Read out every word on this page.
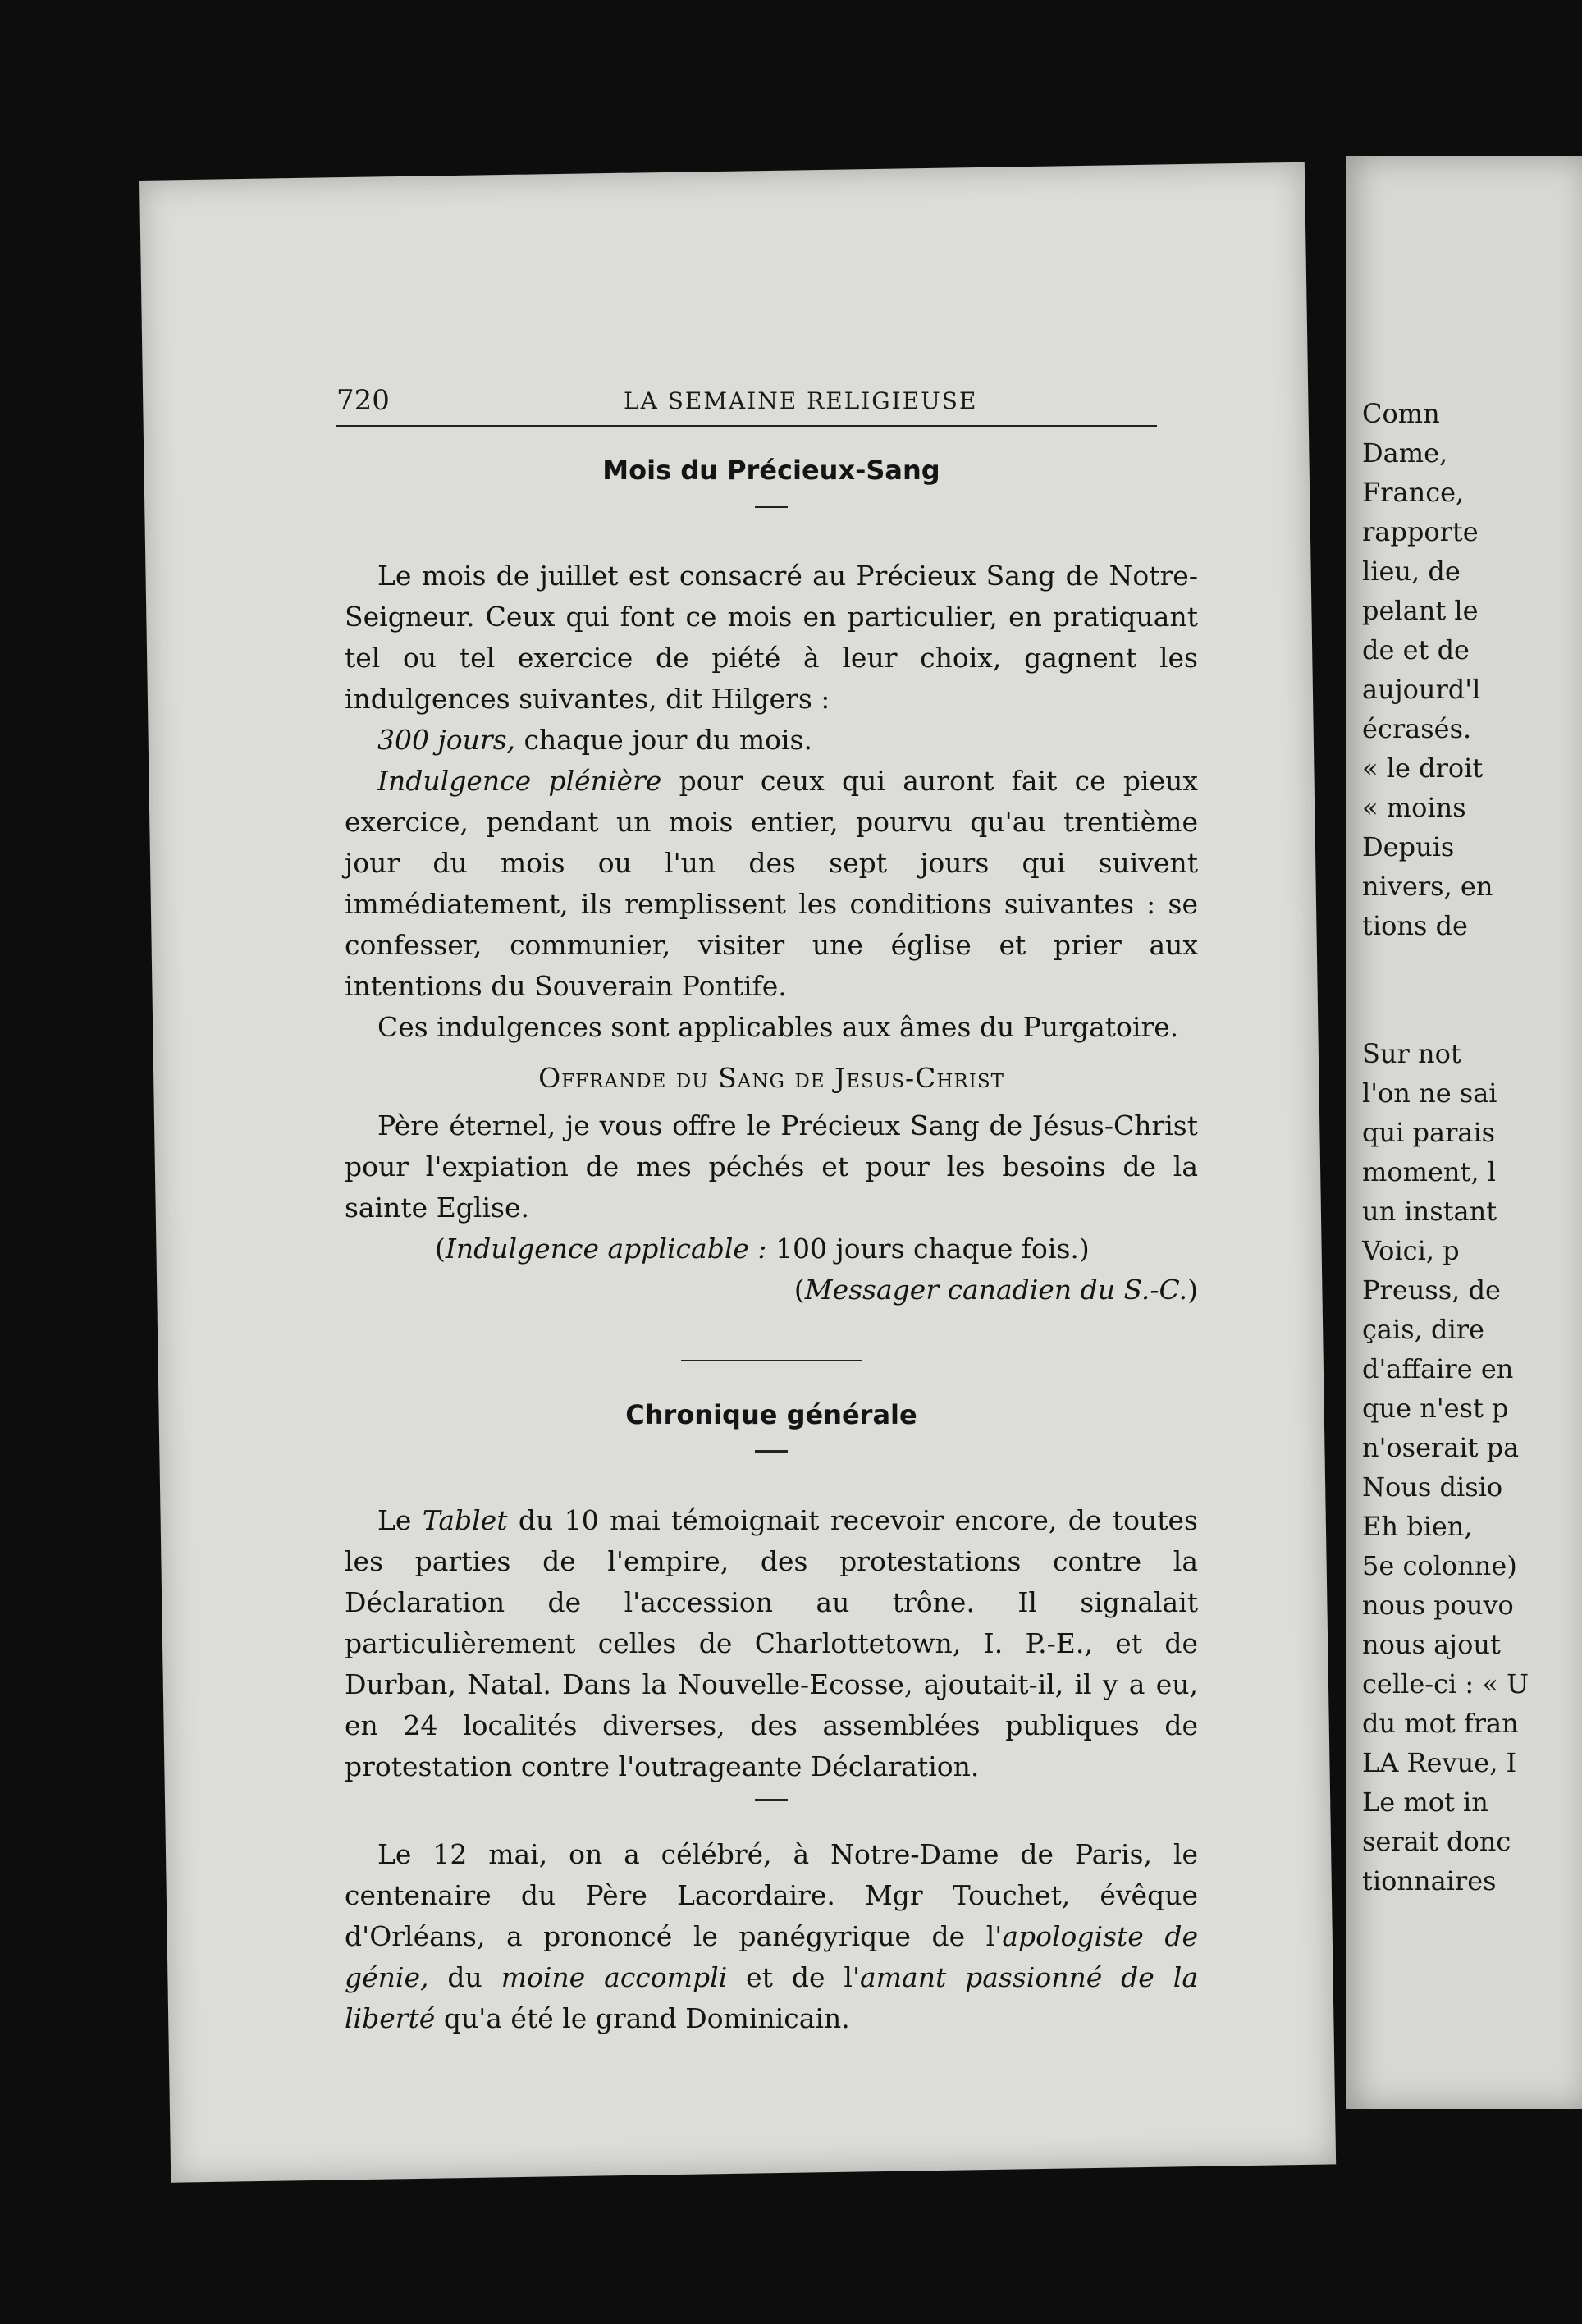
Comn
Dame,
France,
rapporte
lieu, de
pelant le
de et de
aujourd'l
écrasés.
« le droit
« moins
Depuis
nivers, en
tions de
Sur not
l'on ne sai
qui parais
moment, l
un instant
Voici, p
Preuss, de
çais, dire
d'affaire en
que n'est p
n'oserait pa
Nous disio
Eh bien,
5e colonne)
nous pouvo
nous ajout
celle-ci : « U
du mot fran
LA Revue, I
Le mot in
serait donc
tionnaires
720	LA SEMAINE RELIGIEUSE
Mois du Précieux-Sang

Le mois de juillet est consacré au Précieux Sang de Notre-Seigneur. Ceux qui font ce mois en particulier, en pratiquant tel ou tel exercice de piété à leur choix, gagnent les indulgences suivantes, dit Hilgers :

300 jours, chaque jour du mois.

Indulgence plénière pour ceux qui auront fait ce pieux exercice, pendant un mois entier, pourvu qu'au trentième jour du mois ou l'un des sept jours qui suivent immédiatement, ils remplissent les conditions suivantes : se confesser, communier, visiter une église et prier aux intentions du Souverain Pontife.

Ces indulgences sont applicables aux âmes du Purgatoire.

Offrande du Sang de Jesus-Christ

Père éternel, je vous offre le Précieux Sang de Jésus-Christ pour l'expiation de mes péchés et pour les besoins de la sainte Eglise.

(Indulgence applicable : 100 jours chaque fois.)

(Messager canadien du S.-C.)

Chronique générale

Le Tablet du 10 mai témoignait recevoir encore, de toutes les parties de l'empire, des protestations contre la Déclaration de l'accession au trône. Il signalait particulièrement celles de Charlottetown, I. P.-E., et de Durban, Natal. Dans la Nouvelle-Ecosse, ajoutait-il, il y a eu, en 24 localités diverses, des assemblées publiques de protestation contre l'outrageante Déclaration.

Le 12 mai, on a célébré, à Notre-Dame de Paris, le centenaire du Père Lacordaire. Mgr Touchet, évêque d'Orléans, a prononcé le panégyrique de l'apologiste de génie, du moine accompli et de l'amant passionné de la liberté qu'a été le grand Dominicain.
